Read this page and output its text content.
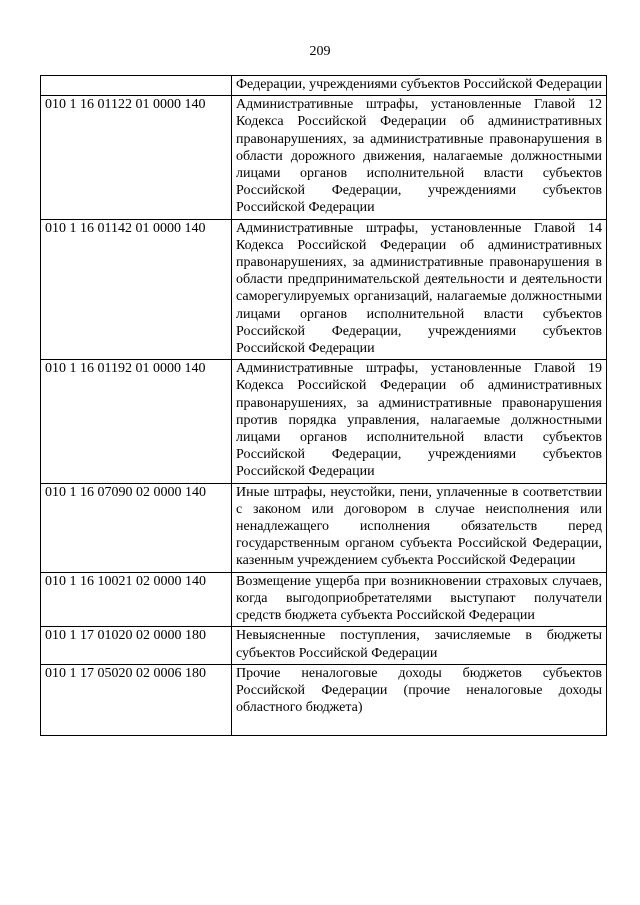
209
	Федерации, учреждениями субъектов Российской Федерации
010 1 16 01122 01 0000 140	Административные штрафы, установленные Главой 12 Кодекса Российской Федерации об административных правонарушениях, за административные правонарушения в области дорожного движения, налагаемые должностными лицами органов исполнительной власти субъектов Российской Федерации, учреждениями субъектов Российской Федерации
010 1 16 01142 01 0000 140	Административные штрафы, установленные Главой 14 Кодекса Российской Федерации об административных правонарушениях, за административные правонарушения в области предпринимательской деятельности и деятельности саморегулируемых организаций, налагаемые должностными лицами органов исполнительной власти субъектов Российской Федерации, учреждениями субъектов Российской Федерации
010 1 16 01192 01 0000 140	Административные штрафы, установленные Главой 19 Кодекса Российской Федерации об административных правонарушениях, за административные правонарушения против порядка управления, налагаемые должностными лицами органов исполнительной власти субъектов Российской Федерации, учреждениями субъектов Российской Федерации
010 1 16 07090 02 0000 140	Иные штрафы, неустойки, пени, уплаченные в соответствии с законом или договором в случае неисполнения или ненадлежащего исполнения обязательств перед государственным органом субъекта Российской Федерации, казенным учреждением субъекта Российской Федерации
010 1 16 10021 02 0000 140	Возмещение ущерба при возникновении страховых случаев, когда выгодоприобретателями выступают получатели средств бюджета субъекта Российской Федерации
010 1 17 01020 02 0000 180	Невыясненные поступления, зачисляемые в бюджеты субъектов Российской Федерации
010 1 17 05020 02 0006 180	Прочие неналоговые доходы бюджетов субъектов Российской Федерации (прочие неналоговые доходы областного бюджета)
